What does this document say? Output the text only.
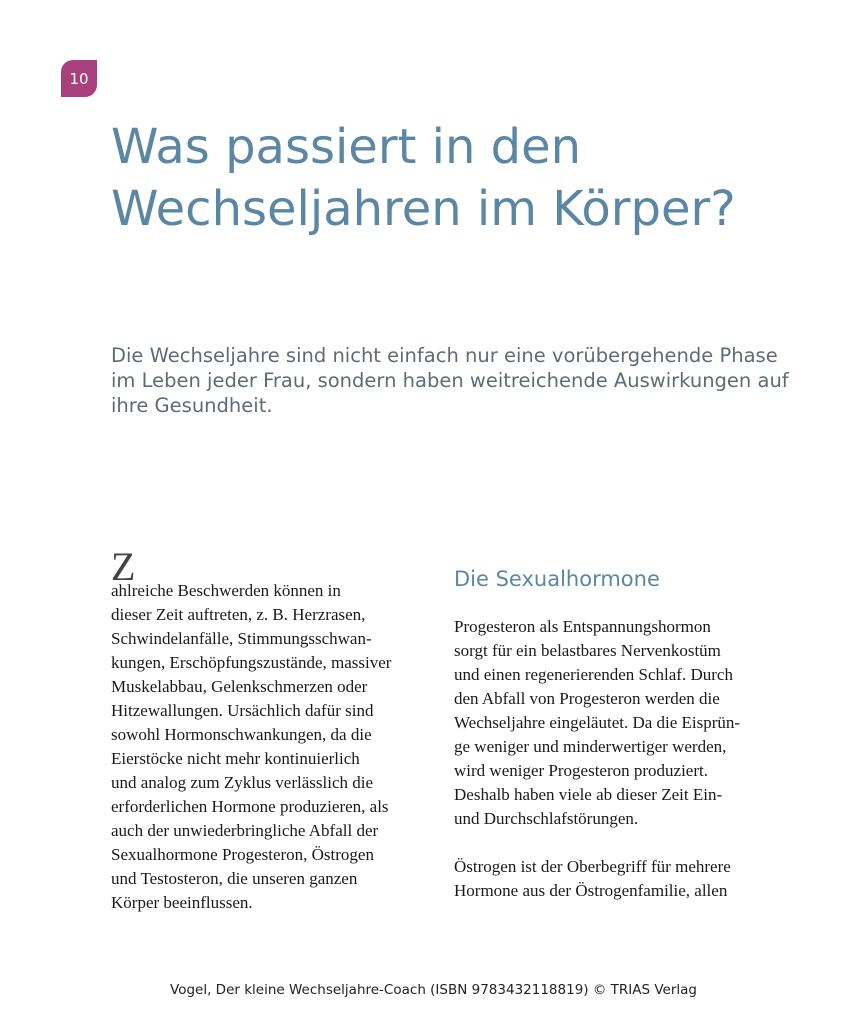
10
Was passiert in den
Wechseljahren im Körper?

Die Wechseljahre sind nicht einfach nur eine vorübergehende Phase
im Leben jeder Frau, sondern haben weitreichende Auswirkungen auf
ihre Gesundheit.

Z
ahlreiche Beschwerden können in
dieser Zeit auftreten, z. B. Herzrasen,
Schwindelanfälle, Stimmungsschwan-
kungen, Erschöpfungszustände, massiver
Muskelabbau, Gelenkschmerzen oder
Hitzewallungen. Ursächlich dafür sind
sowohl Hormonschwankungen, da die
Eierstöcke nicht mehr kontinuierlich
und analog zum Zyklus verlässlich die
erforderlichen Hormone produzieren, als
auch der unwiederbringliche Abfall der
Sexualhormone Progesteron, Östrogen
und Testosteron, die unseren ganzen
Körper beeinflussen.
Die Sexualhormone
Progesteron als Entspannungshormon
sorgt für ein belastbares Nervenkostüm
und einen regenerierenden Schlaf. Durch
den Abfall von Progesteron werden die
Wechseljahre eingeläutet. Da die Eisprün-
ge weniger und minderwertiger werden,
wird weniger Progesteron produziert.
Deshalb haben viele ab dieser Zeit Ein-
und Durchschlafstörungen.
Östrogen ist der Oberbegriff für mehrere
Hormone aus der Östrogenfamilie, allen
Vogel, Der kleine Wechseljahre-Coach (ISBN 9783432118819) © TRIAS Verlag
